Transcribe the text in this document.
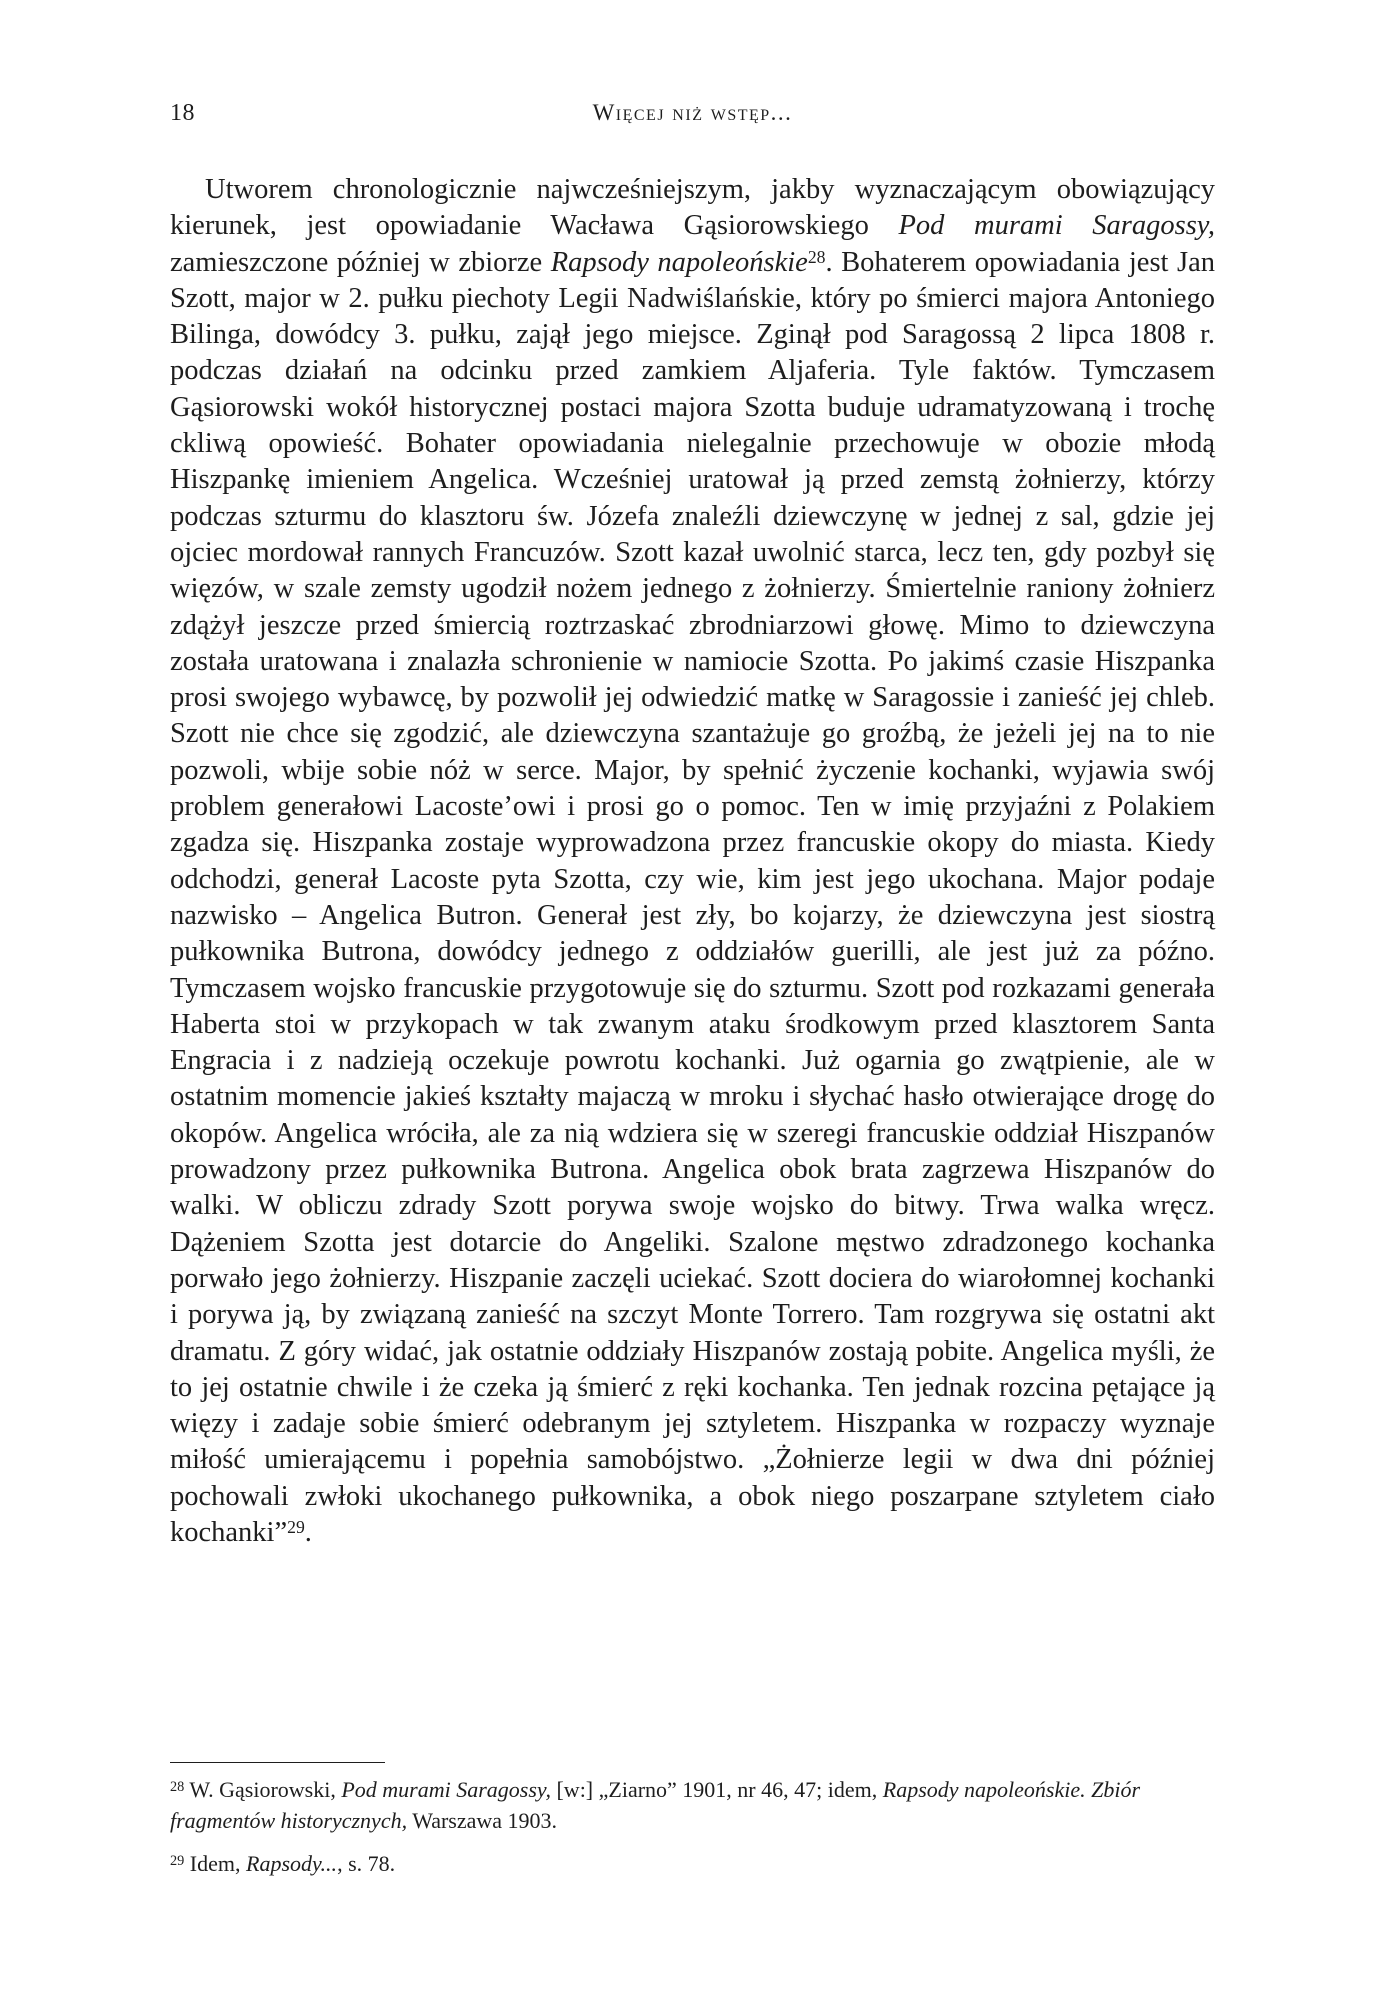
18	Więcej niż wstęp...

Utworem chronologicznie najwcześniejszym, jakby wyznaczającym obowiązujący kierunek, jest opowiadanie Wacława Gąsiorowskiego Pod murami Saragossy, zamieszczone później w zbiorze Rapsody napoleońskie$^{28}$. Bohaterem opowiadania jest Jan Szott, major w 2. pułku piechoty Legii Nadwiślańskie, który po śmierci majora Antoniego Bilinga, dowódcy 3. pułku, zajął jego miejsce. Zginął pod Saragossą 2 lipca 1808 r. podczas działań na odcinku przed zamkiem Aljaferia. Tyle faktów. Tymczasem Gąsiorowski wokół historycznej postaci majora Szotta buduje udramatyzowaną i trochę ckliwą opowieść. Bohater opowiadania nielegalnie przechowuje w obozie młodą Hiszpankę imieniem Angelica. Wcześniej uratował ją przed zemstą żołnierzy, którzy podczas szturmu do klasztoru św. Józefa znaleźli dziewczynę w jednej z sal, gdzie jej ojciec mordował rannych Francuzów. Szott kazał uwolnić starca, lecz ten, gdy pozbył się więzów, w szale zemsty ugodził nożem jednego z żołnierzy. Śmiertelnie raniony żołnierz zdążył jeszcze przed śmiercią roztrzaskać zbrodniarzowi głowę. Mimo to dziewczyna została uratowana i znalazła schronienie w namiocie Szotta. Po jakimś czasie Hiszpanka prosi swojego wybawcę, by pozwolił jej odwiedzić matkę w Saragossie i zanieść jej chleb. Szott nie chce się zgodzić, ale dziewczyna szantażuje go groźbą, że jeżeli jej na to nie pozwoli, wbije sobie nóż w serce. Major, by spełnić życzenie kochanki, wyjawia swój problem generałowi Lacoste’owi i prosi go o pomoc. Ten w imię przyjaźni z Polakiem zgadza się. Hiszpanka zostaje wyprowadzona przez francuskie okopy do miasta. Kiedy odchodzi, generał Lacoste pyta Szotta, czy wie, kim jest jego ukochana. Major podaje nazwisko – Angelica Butron. Generał jest zły, bo kojarzy, że dziewczyna jest siostrą pułkownika Butrona, dowódcy jednego z oddziałów guerilli, ale jest już za późno. Tymczasem wojsko francuskie przygotowuje się do szturmu. Szott pod rozkazami generała Haberta stoi w przykopach w tak zwanym ataku środkowym przed klasztorem Santa Engracia i z nadzieją oczekuje powrotu kochanki. Już ogarnia go zwątpienie, ale w ostatnim momencie jakieś kształty majaczą w mroku i słychać hasło otwierające drogę do okopów. Angelica wróciła, ale za nią wdziera się w szeregi francuskie oddział Hiszpanów prowadzony przez pułkownika Butrona. Angelica obok brata zagrzewa Hiszpanów do walki. W obliczu zdrady Szott porywa swoje wojsko do bitwy. Trwa walka wręcz. Dążeniem Szotta jest dotarcie do Angeliki. Szalone męstwo zdradzonego kochanka porwało jego żołnierzy. Hiszpanie zaczęli uciekać. Szott dociera do wiarołomnej kochanki i porywa ją, by związaną zanieść na szczyt Monte Torrero. Tam rozgrywa się ostatni akt dramatu. Z góry widać, jak ostatnie oddziały Hiszpanów zostają pobite. Angelica myśli, że to jej ostatnie chwile i że czeka ją śmierć z ręki kochanka. Ten jednak rozcina pętające ją więzy i zadaje sobie śmierć odebranym jej sztyletem. Hiszpanka w rozpaczy wyznaje miłość umierającemu i popełnia samobójstwo. „Żołnierze legii w dwa dni później pochowali zwłoki ukochanego pułkownika, a obok niego poszarpane sztyletem ciało kochanki”$^{29}$.

$^{28}$ W. Gąsiorowski, Pod murami Saragossy, [w:] „Ziarno” 1901, nr 46, 47; idem, Rapsody napoleońskie. Zbiór fragmentów historycznych, Warszawa 1903.

$^{29}$ Idem, Rapsody..., s. 78.
